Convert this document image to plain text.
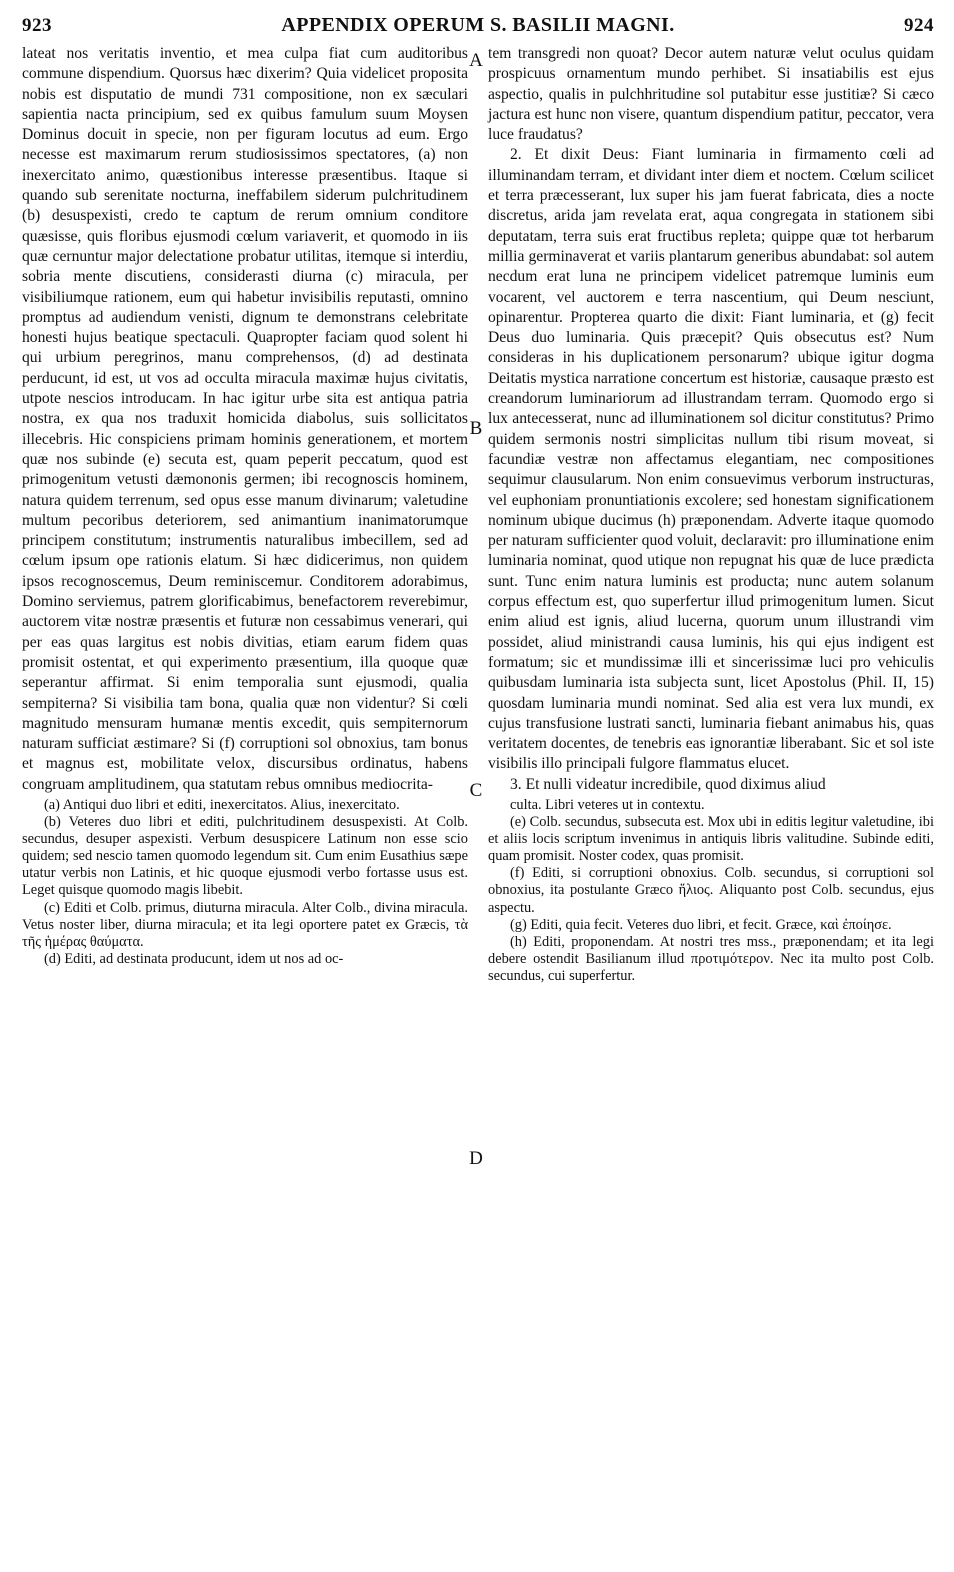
923	APPENDIX OPERUM S. BASILII MAGNI.	924

lateat nos veritatis inventio, et mea culpa fiat cum auditoribus commune dispendium. Quorsus hæc dixerim? Quia videlicet proposita nobis est disputatio de mundi 731 compositione, non ex sæculari sapientia nacta principium, sed ex quibus famulum suum Moysen Dominus docuit in specie, non per figuram locutus ad eum. Ergo necesse est maximarum rerum studiosissimos spectatores, (a) non inexercitato animo, quæstionibus interesse præsentibus. Itaque si quando sub serenitate nocturna, ineffabilem siderum pulchritudinem (b) desuspexisti, credo te captum de rerum omnium conditore quæsisse, quis floribus ejusmodi cœlum variaverit, et quomodo in iis quæ cernuntur major delectatione probatur utilitas, itemque si interdiu, sobria mente discutiens, considerasti diurna (c) miracula, per visibiliumque rationem, eum qui habetur invisibilis reputasti, omnino promptus ad audiendum venisti, dignum te demonstrans celebritate honesti hujus beatique spectaculi. Quapropter faciam quod solent hi qui urbium peregrinos, manu comprehensos, (d) ad destinata perducunt, id est, ut vos ad occulta miracula maximæ hujus civitatis, utpote nescios introducam. In hac igitur urbe sita est antiqua patria nostra, ex qua nos traduxit homicida diabolus, suis sollicitatos illecebris. Hic conspiciens primam hominis generationem, et mortem quæ nos subinde (e) secuta est, quam peperit peccatum, quod est primogenitum vetusti dæmononis germen; ibi recognoscis hominem, natura quidem terrenum, sed opus esse manum divinarum; valetudine multum pecoribus deteriorem, sed animantium inanimatorumque principem constitutum; instrumentis naturalibus imbecillem, sed ad cœlum ipsum ope rationis elatum. Si hæc didicerimus, non quidem ipsos recognoscemus, Deum reminiscemur. Conditorem adorabimus, Domino serviemus, patrem glorificabimus, benefactorem reverebimur, auctorem vitæ nostræ præsentis et futuræ non cessabimus venerari, qui per eas quas largitus est nobis divitias, etiam earum fidem quas promisit ostentat, et qui experimento præsentium, illa quoque quæ seperantur affirmat. Si enim temporalia sunt ejusmodi, qualia sempiterna? Si visibilia tam bona, qualia quæ non videntur? Si cœli magnitudo mensuram humanæ mentis excedit, quis sempiternorum naturam sufficiat æstimare? Si (f) corruptioni sol obnoxius, tam bonus et magnus est, mobilitate velox, discursibus ordinatus, habens congruam amplitudinem, qua statutam rebus omnibus mediocrita-

(a) Antiqui duo libri et editi, inexercitatos. Alius, inexercitato.

(b) Veteres duo libri et editi, pulchritudinem desuspexisti. At Colb. secundus, desuper aspexisti. Verbum desuspicere Latinum non esse scio quidem; sed nescio tamen quomodo legendum sit. Cum enim Eusathius sæpe utatur verbis non Latinis, et hic quoque ejusmodi verbo fortasse usus est. Leget quisque quomodo magis libebit.

(c) Editi et Colb. primus, diuturna miracula. Alter Colb., divina miracula. Vetus noster liber, diurna miracula; et ita legi oportere patet ex Græcis, τὰ τῆς ἡμέρας θαύματα.

(d) Editi, ad destinata producunt, idem ut nos ad oc-

tem transgredi non quoat? Decor autem naturæ velut oculus quidam prospicuus ornamentum mundo perhibet. Si insatiabilis est ejus aspectio, qualis in pulchhritudine sol putabitur esse justitiæ? Si cæco jactura est hunc non visere, quantum dispendium patitur, peccator, vera luce fraudatus?

2. Et dixit Deus: Fiant luminaria in firmamento cœli ad illuminandam terram, et dividant inter diem et noctem. Cœlum scilicet et terra præcesserant, lux super his jam fuerat fabricata, dies a nocte discretus, arida jam revelata erat, aqua congregata in stationem sibi deputatam, terra suis erat fructibus repleta; quippe quæ tot herbarum millia germinaverat et variis plantarum generibus abundabat: sol autem necdum erat luna ne principem videlicet patremque luminis eum vocarent, vel auctorem e terra nascentium, qui Deum nesciunt, opinarentur. Propterea quarto die dixit: Fiant luminaria, et (g) fecit Deus duo luminaria. Quis præcepit? Quis obsecutus est? Num consideras in his duplicationem personarum? ubique igitur dogma Deitatis mystica narratione concertum est historiæ, causaque præsto est creandorum luminariorum ad illustrandam terram. Quomodo ergo si lux antecesserat, nunc ad illuminationem sol dicitur constitutus? Primo quidem sermonis nostri simplicitas nullum tibi risum moveat, si facundiæ vestræ non affectamus elegantiam, nec compositiones sequimur clausularum. Non enim consuevimus verborum instructuras, vel euphoniam pronuntiationis excolere; sed honestam significationem nominum ubique ducimus (h) præponendam. Adverte itaque quomodo per naturam sufficienter quod voluit, declaravit: pro illuminatione enim luminaria nominat, quod utique non repugnat his quæ de luce prædicta sunt. Tunc enim natura luminis est producta; nunc autem solanum corpus effectum est, quo superfertur illud primogenitum lumen. Sicut enim aliud est ignis, aliud lucerna, quorum unum illustrandi vim possidet, aliud ministrandi causa luminis, his qui ejus indigent est formatum; sic et mundissimæ illi et sincerissimæ luci pro vehiculis quibusdam luminaria ista subjecta sunt, licet Apostolus (Phil. II, 15) quosdam luminaria mundi nominat. Sed alia est vera lux mundi, ex cujus transfusione lustrati sancti, luminaria fiebant animabus his, quas veritatem docentes, de tenebris eas ignorantiæ liberabant. Sic et sol iste visibilis illo principali fulgore flammatus elucet.

3. Et nulli videatur incredibile, quod diximus aliud

culta. Libri veteres ut in contextu.

(e) Colb. secundus, subsecuta est. Mox ubi in editis legitur valetudine, ibi et aliis locis scriptum invenimus in antiquis libris valitudine. Subinde editi, quam promisit. Noster codex, quas promisit.

(f) Editi, si corruptioni obnoxius. Colb. secundus, si corruptioni sol obnoxius, ita postulante Græco ἥλιος. Aliquanto post Colb. secundus, ejus aspectu.

(g) Editi, quia fecit. Veteres duo libri, et fecit. Græce, καὶ ἐποίησε.

(h) Editi, proponendam. At nostri tres mss., præponendam; et ita legi debere ostendit Basilianum illud προτιμότερον. Nec ita multo post Colb. secundus, cui superfertur.

A
B
C
D
